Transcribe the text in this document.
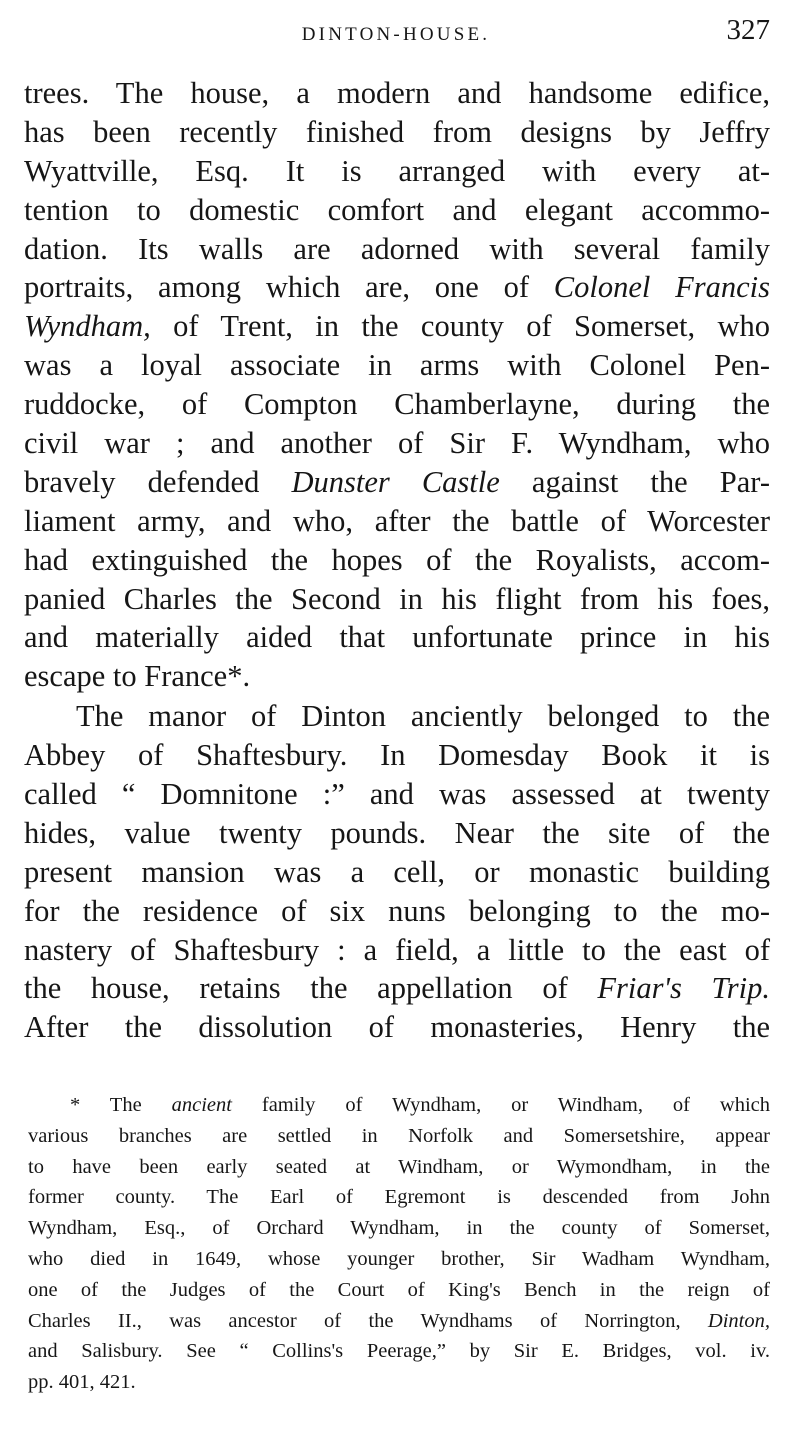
DINTON-HOUSE.	327
trees. The house, a modern and handsome edifice,
has been recently finished from designs by Jeffry
Wyattville, Esq. It is arranged with every at-
tention to domestic comfort and elegant accommo-
dation. Its walls are adorned with several family
portraits, among which are, one of Colonel Francis
Wyndham, of Trent, in the county of Somerset, who
was a loyal associate in arms with Colonel Pen-
ruddocke, of Compton Chamberlayne, during the
civil war ; and another of Sir F. Wyndham, who
bravely defended Dunster Castle against the Par-
liament army, and who, after the battle of Worcester
had extinguished the hopes of the Royalists, accom-
panied Charles the Second in his flight from his foes,
and materially aided that unfortunate prince in his
escape to France*.
The manor of Dinton anciently belonged to the
Abbey of Shaftesbury. In Domesday Book it is
called “ Domnitone :” and was assessed at twenty
hides, value twenty pounds. Near the site of the
present mansion was a cell, or monastic building
for the residence of six nuns belonging to the mo-
nastery of Shaftesbury : a field, a little to the east of
the house, retains the appellation of Friar's Trip.
After the dissolution of monasteries, Henry the
* The ancient family of Wyndham, or Windham, of which
various branches are settled in Norfolk and Somersetshire, appear
to have been early seated at Windham, or Wymondham, in the
former county. The Earl of Egremont is descended from John
Wyndham, Esq., of Orchard Wyndham, in the county of Somerset,
who died in 1649, whose younger brother, Sir Wadham Wyndham,
one of the Judges of the Court of King's Bench in the reign of
Charles II., was ancestor of the Wyndhams of Norrington, Dinton,
and Salisbury. See “ Collins's Peerage,” by Sir E. Bridges, vol. iv.
pp. 401, 421.
